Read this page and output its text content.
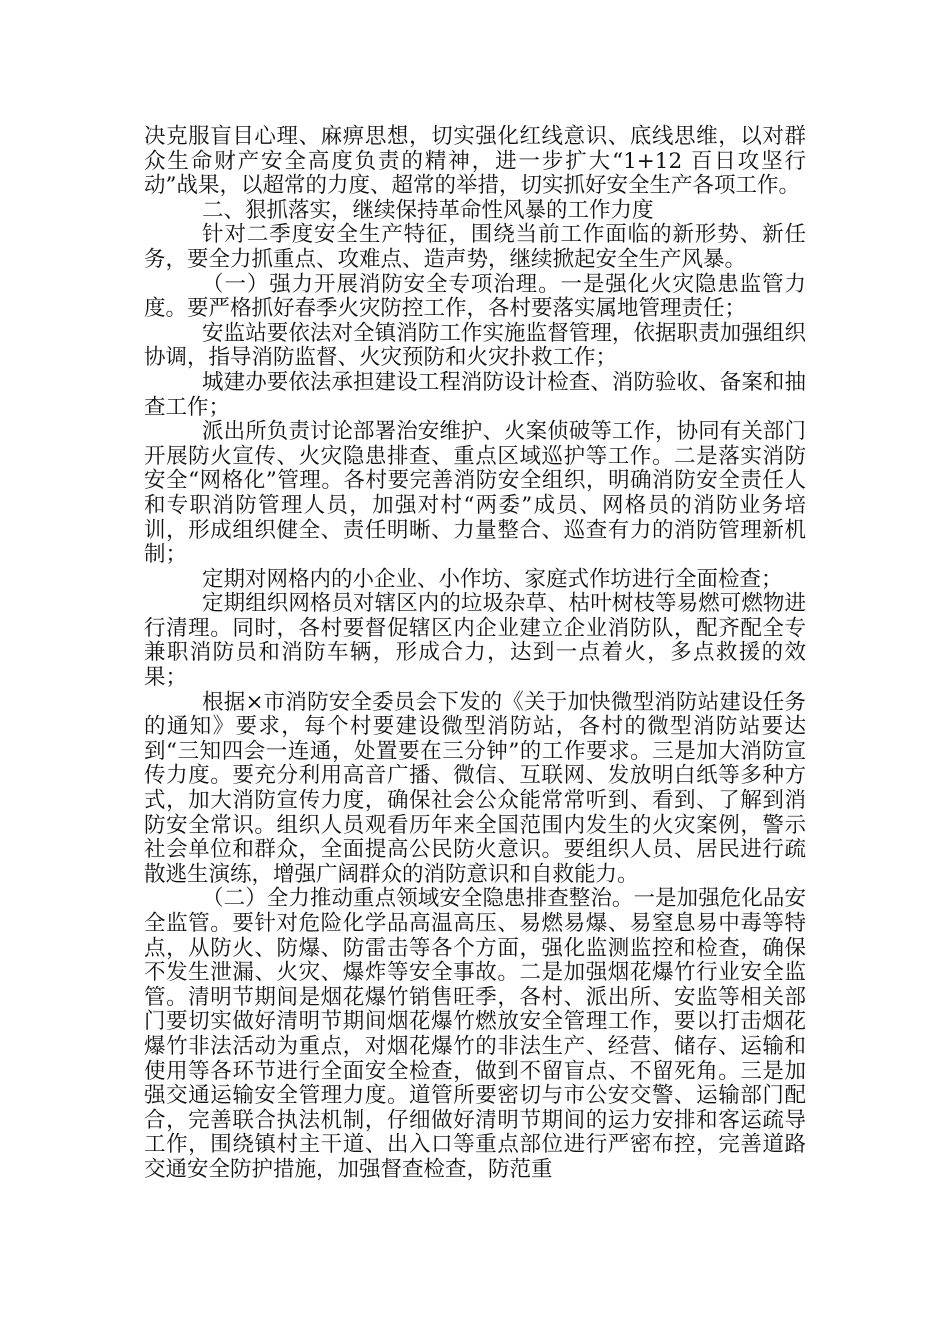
决克服盲目心理、麻痹思想，切实强化红线意识、底线思维，以对群众生命财产安全高度负责的精神，进一步扩大“1+12 百日攻坚行动”战果，以超常的力度、超常的举措，切实抓好安全生产各项工作。

二、狠抓落实，继续保持革命性风暴的工作力度

针对二季度安全生产特征，围绕当前工作面临的新形势、新任务，要全力抓重点、攻难点、造声势，继续掀起安全生产风暴。

（一）强力开展消防安全专项治理。一是强化火灾隐患监管力度。要严格抓好春季火灾防控工作，各村要落实属地管理责任；

安监站要依法对全镇消防工作实施监督管理，依据职责加强组织协调，指导消防监督、火灾预防和火灾扑救工作；

城建办要依法承担建设工程消防设计检查、消防验收、备案和抽查工作；

派出所负责讨论部署治安维护、火案侦破等工作，协同有关部门开展防火宣传、火灾隐患排查、重点区域巡护等工作。二是落实消防安全“网格化”管理。各村要完善消防安全组织，明确消防安全责任人和专职消防管理人员，加强对村“两委”成员、网格员的消防业务培训，形成组织健全、责任明晰、力量整合、巡查有力的消防管理新机制；

定期对网格内的小企业、小作坊、家庭式作坊进行全面检查；

定期组织网格员对辖区内的垃圾杂草、枯叶树枝等易燃可燃物进行清理。同时，各村要督促辖区内企业建立企业消防队，配齐配全专兼职消防员和消防车辆，形成合力，达到一点着火，多点救援的效果；

根据×市消防安全委员会下发的《关于加快微型消防站建设任务的通知》要求，每个村要建设微型消防站，各村的微型消防站要达到“三知四会一连通，处置要在三分钟”的工作要求。三是加大消防宣传力度。要充分利用高音广播、微信、互联网、发放明白纸等多种方式，加大消防宣传力度，确保社会公众能常常听到、看到、了解到消防安全常识。组织人员观看历年来全国范围内发生的火灾案例，警示社会单位和群众，全面提高公民防火意识。要组织人员、居民进行疏散逃生演练，增强广阔群众的消防意识和自救能力。

（二）全力推动重点领域安全隐患排查整治。一是加强危化品安全监管。要针对危险化学品高温高压、易燃易爆、易窒息易中毒等特点，从防火、防爆、防雷击等各个方面，强化监测监控和检查，确保不发生泄漏、火灾、爆炸等安全事故。二是加强烟花爆竹行业安全监管。清明节期间是烟花爆竹销售旺季，各村、派出所、安监等相关部门要切实做好清明节期间烟花爆竹燃放安全管理工作，要以打击烟花爆竹非法活动为重点，对烟花爆竹的非法生产、经营、储存、运输和使用等各环节进行全面安全检查，做到不留盲点、不留死角。三是加强交通运输安全管理力度。道管所要密切与市公安交警、运输部门配合，完善联合执法机制，仔细做好清明节期间的运力安排和客运疏导工作，围绕镇村主干道、出入口等重点部位进行严密布控，完善道路交通安全防护措施，加强督查检查，防范重
